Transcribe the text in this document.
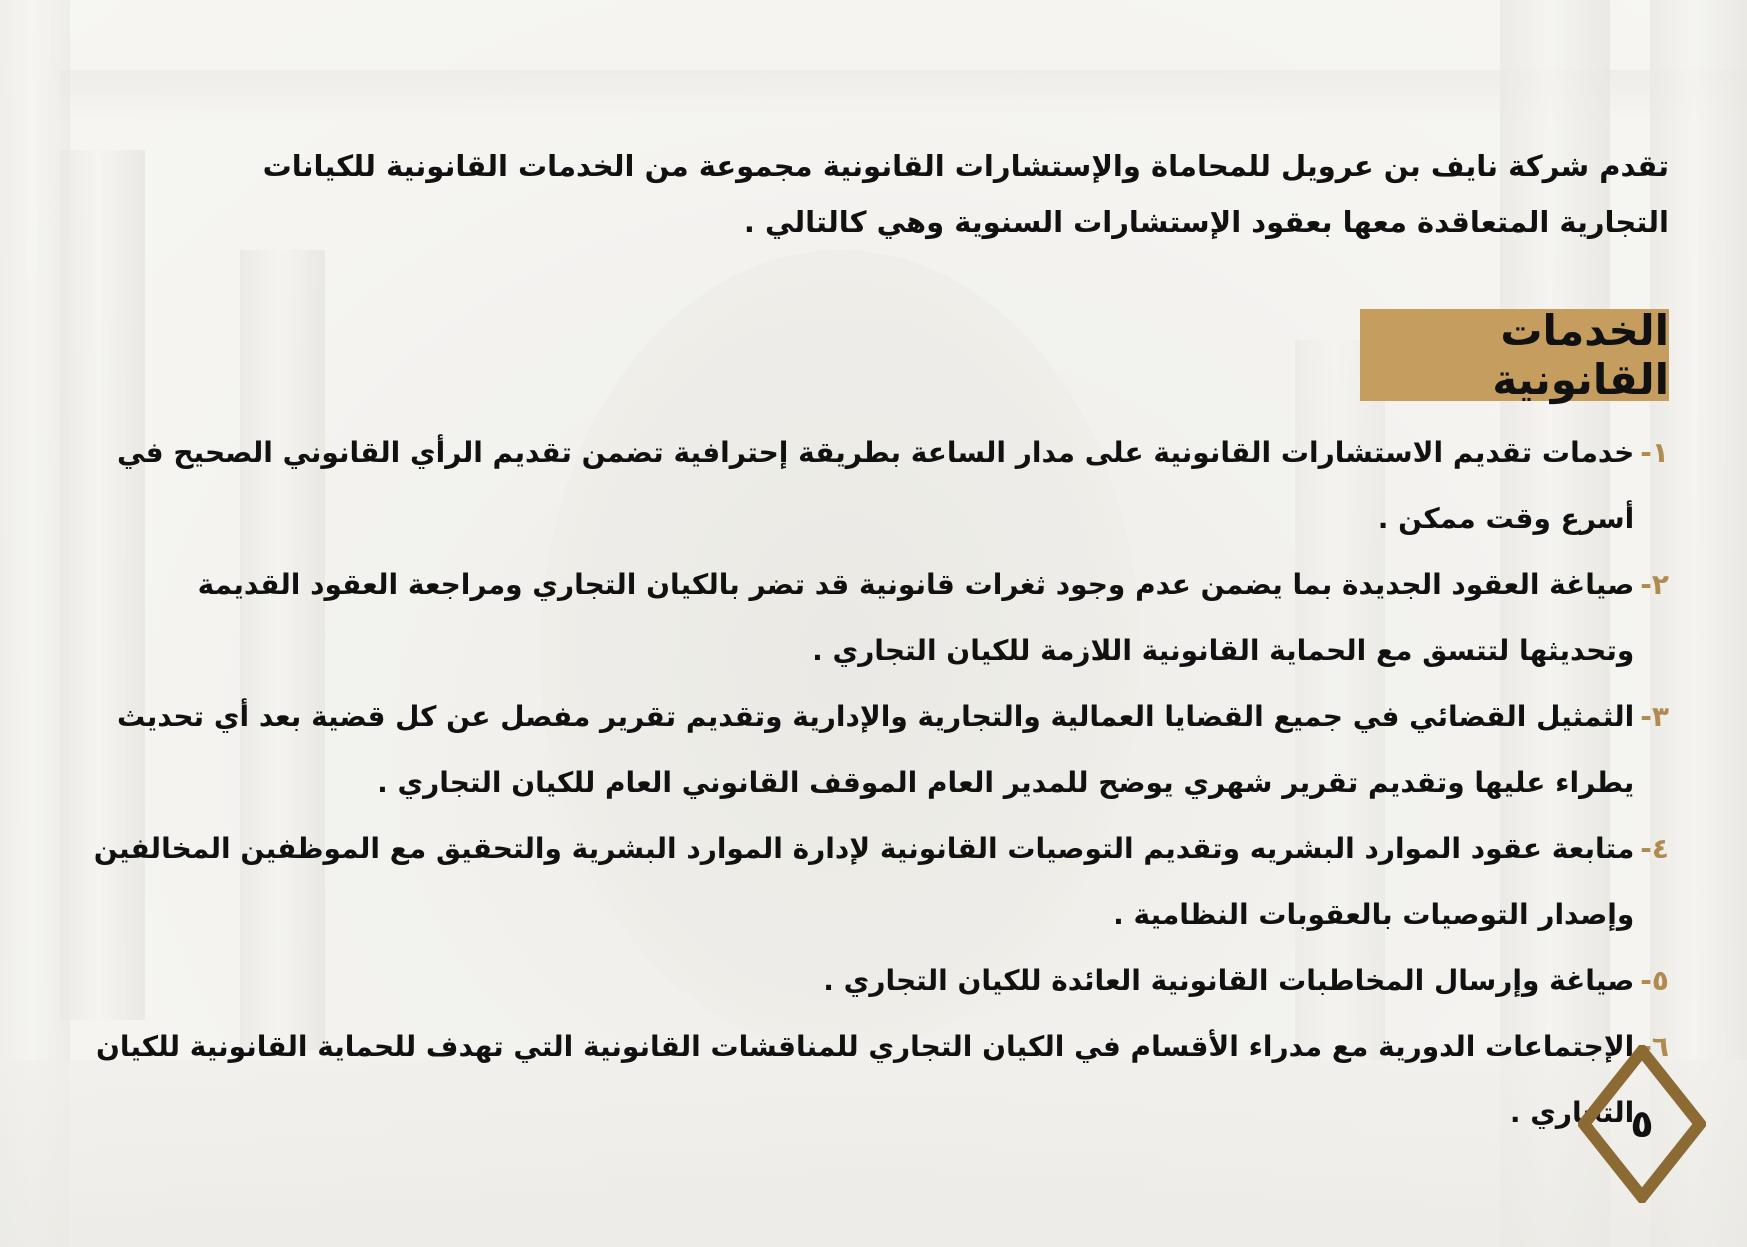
تقدم شركة نايف بن عرويل للمحاماة والإستشارات القانونية مجموعة من الخدمات القانونية للكيانات التجارية المتعاقدة معها بعقود الإستشارات السنوية وهي كالتالي .
الخدمات القانونية
١-
خدمات تقديم الاستشارات القانونية على مدار الساعة بطريقة إحترافية تضمن تقديم الرأي القانوني الصحيح في أسرع وقت ممكن .
٢-
صياغة العقود الجديدة بما يضمن عدم وجود ثغرات قانونية قد تضر بالكيان التجاري ومراجعة العقود القديمة وتحديثها لتتسق مع الحماية القانونية اللازمة للكيان التجاري .
٣-
الثمثيل القضائي في جميع القضايا العمالية والتجارية والإدارية وتقديم تقرير مفصل عن كل قضية بعد أي تحديث يطراء عليها وتقديم تقرير شهري يوضح للمدير العام الموقف القانوني العام للكيان التجاري .
٤-
متابعة عقود الموارد البشريه وتقديم التوصيات القانونية لإدارة الموارد البشرية والتحقيق مع الموظفين المخالفين وإصدار التوصيات بالعقوبات النظامية .
٥-
صياغة وإرسال المخاطبات القانونية العائدة للكيان التجاري .
٦-
الإجتماعات الدورية مع مدراء الأقسام في الكيان التجاري للمناقشات القانونية التي تهدف للحماية القانونية للكيان التجاري .
٥
